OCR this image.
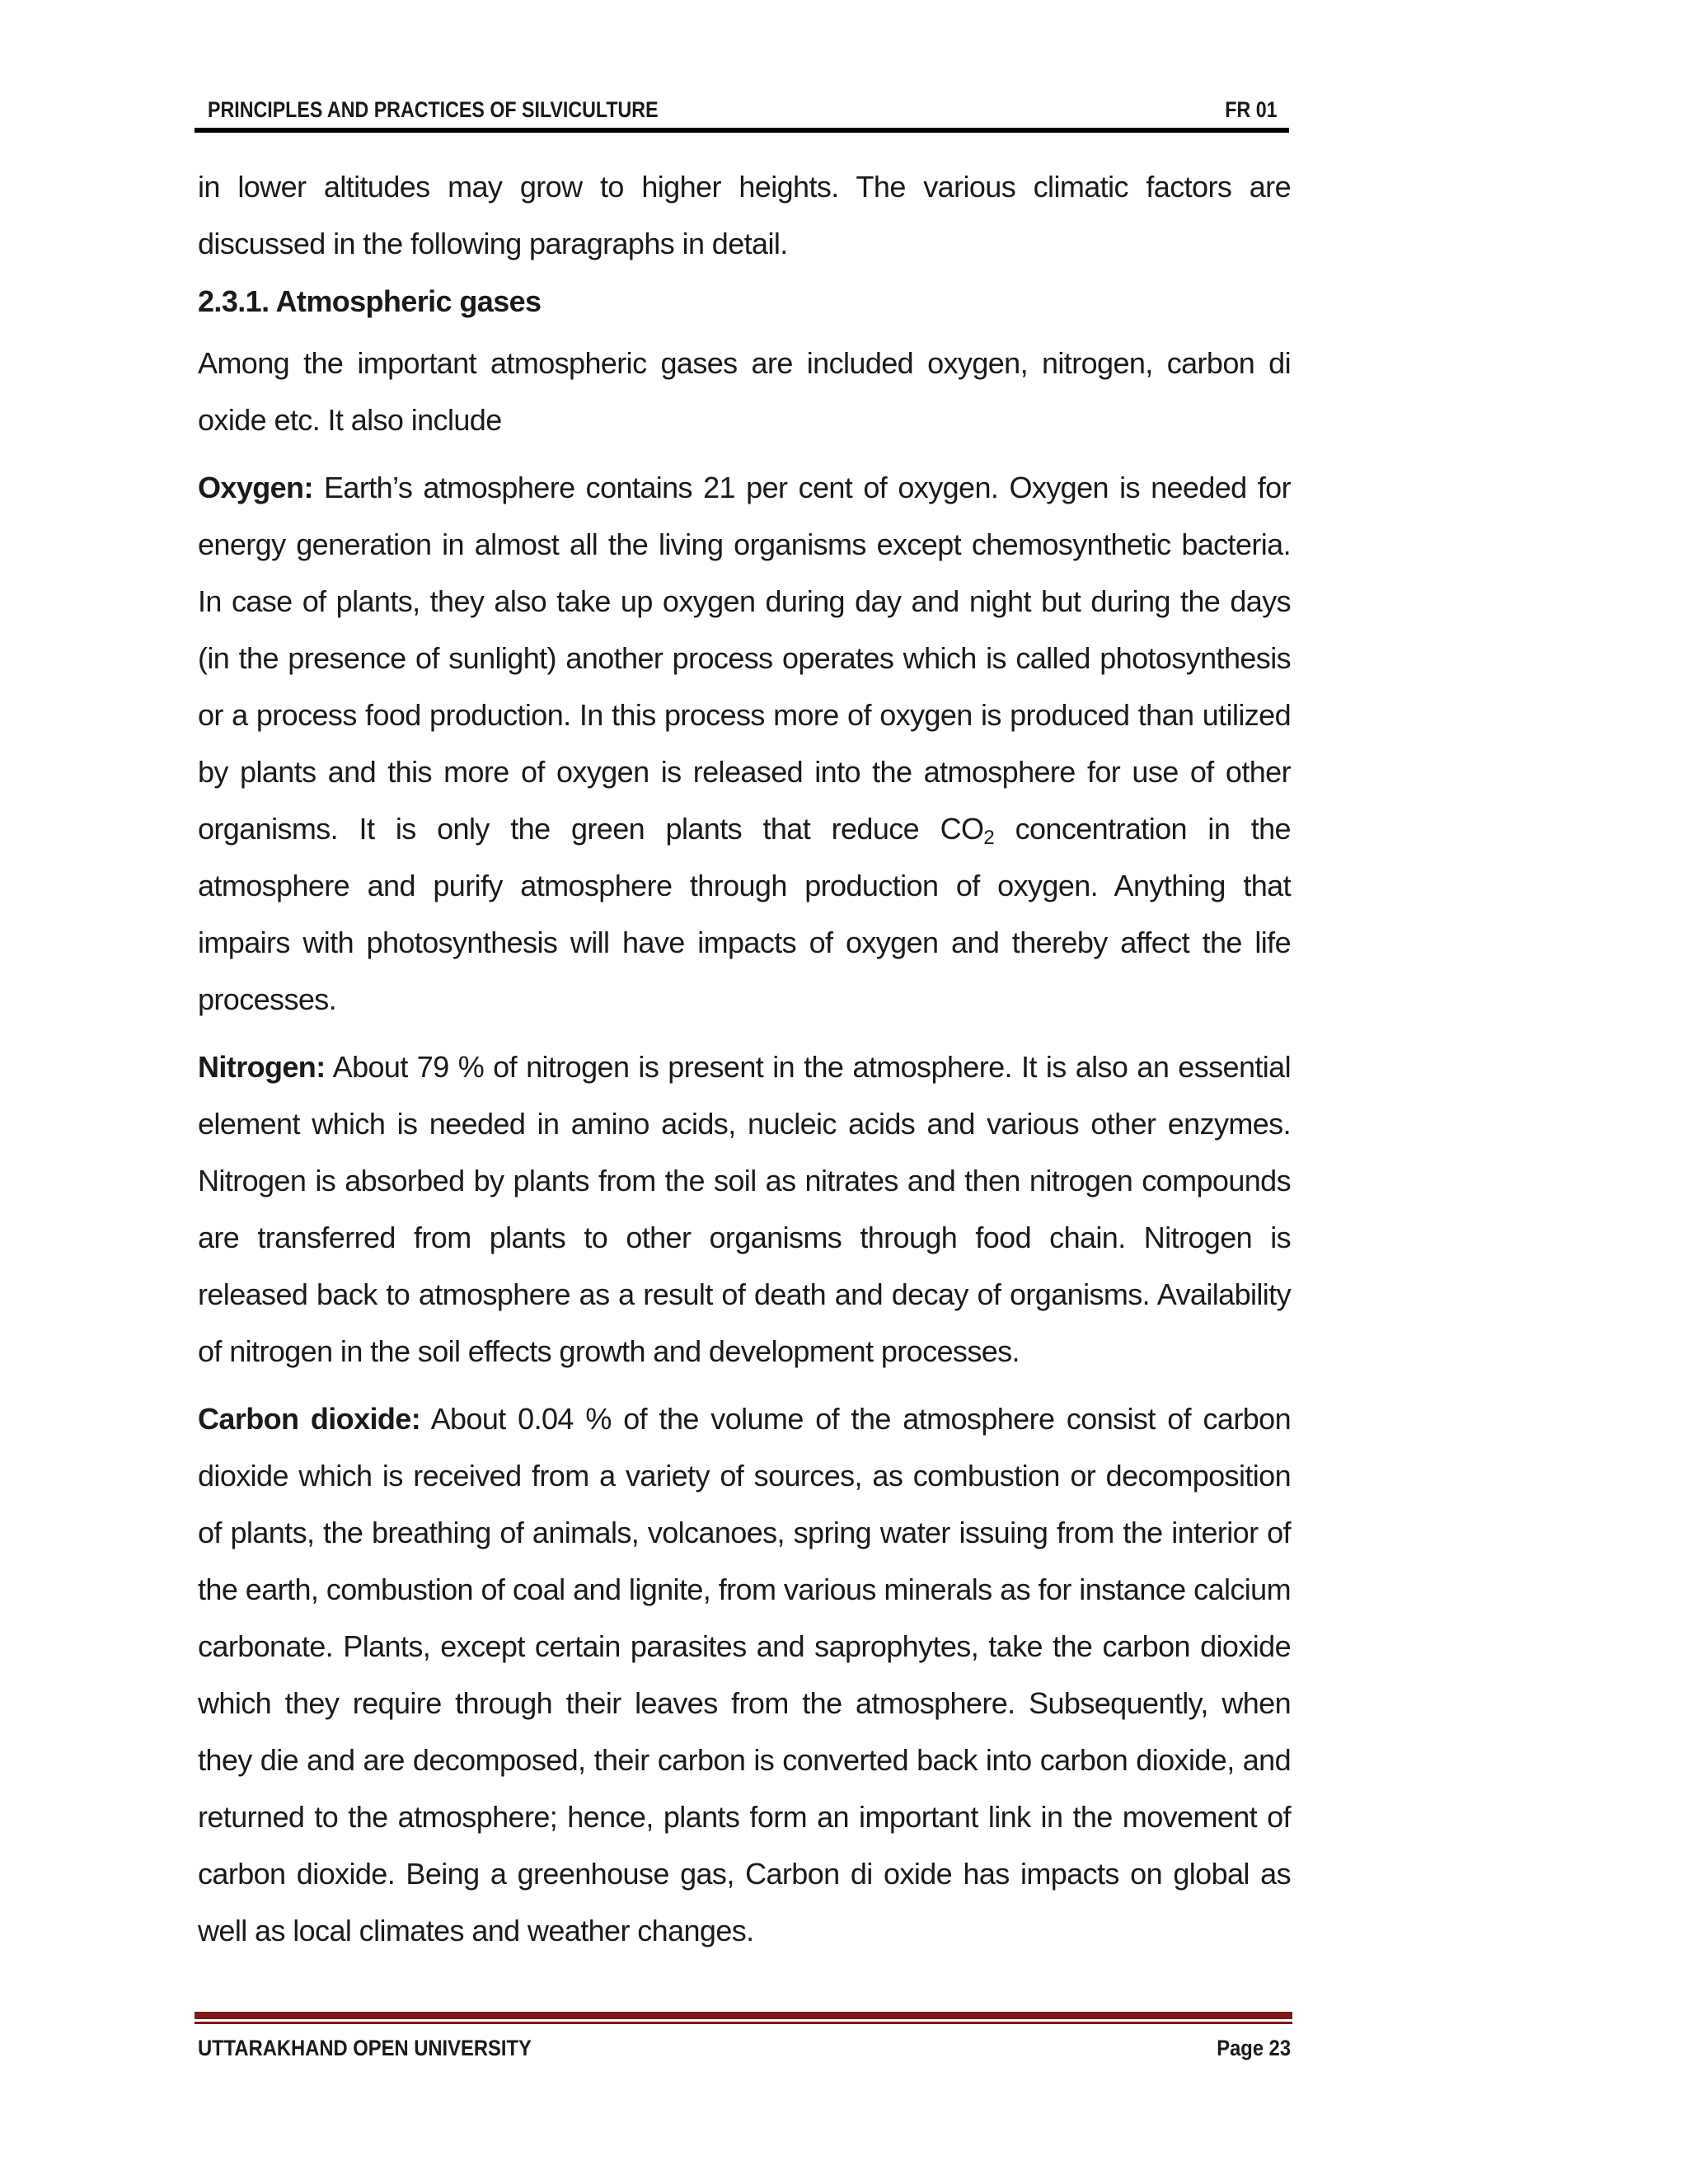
PRINCIPLES AND PRACTICES OF SILVICULTURE	FR 01

in lower altitudes may grow to higher heights. The various climatic factors are discussed in the following paragraphs in detail.

2.3.1. Atmospheric gases

Among the important atmospheric gases are included oxygen, nitrogen, carbon di oxide etc. It also include

Oxygen: Earth’s atmosphere contains 21 per cent of oxygen. Oxygen is needed for energy generation in almost all the living organisms except chemosynthetic bacteria. In case of plants, they also take up oxygen during day and night but during the days (in the presence of sunlight) another process operates which is called photosynthesis or a process food production. In this process more of oxygen is produced than utilized by plants and this more of oxygen is released into the atmosphere for use of other organisms. It is only the green plants that reduce $CO_2$ concentration in the atmosphere and purify atmosphere through production of oxygen. Anything that impairs with photosynthesis will have impacts of oxygen and thereby affect the life processes.

Nitrogen: About 79 % of nitrogen is present in the atmosphere. It is also an essential element which is needed in amino acids, nucleic acids and various other enzymes. Nitrogen is absorbed by plants from the soil as nitrates and then nitrogen compounds are transferred from plants to other organisms through food chain. Nitrogen is released back to atmosphere as a result of death and decay of organisms. Availability of nitrogen in the soil effects growth and development processes.

Carbon dioxide: About 0.04 % of the volume of the atmosphere consist of carbon dioxide which is received from a variety of sources, as combustion or decomposition of plants, the breathing of animals, volcanoes, spring water issuing from the interior of the earth, combustion of coal and lignite, from various minerals as for instance calcium carbonate. Plants, except certain parasites and saprophytes, take the carbon dioxide which they require through their leaves from the atmosphere. Subsequently, when they die and are decomposed, their carbon is converted back into carbon dioxide, and returned to the atmosphere; hence, plants form an important link in the movement of carbon dioxide. Being a greenhouse gas, Carbon di oxide has impacts on global as well as local climates and weather changes.

UTTARAKHAND OPEN UNIVERSITY	Page 23
